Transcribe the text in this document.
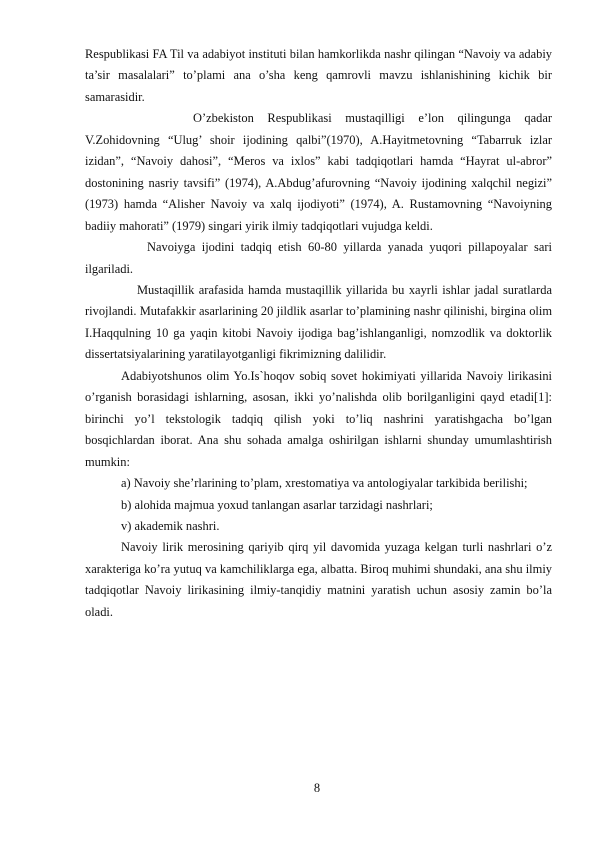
Respublikasi FA Til va adabiyot instituti bilan hamkorlikda nashr qilingan “Navoiy va adabiy ta’sir masalalari” to’plami ana o’sha keng qamrovli mavzu ishlanishining kichik bir samarasidir.

O’zbekiston Respublikasi mustaqilligi e’lon qilingunga qadar V.Zohidovning “Ulug’ shoir ijodining qalbi”(1970), A.Hayitmetovning “Tabarruk izlar izidan”, “Navoiy dahosi”, “Meros va ixlos” kabi tadqiqotlari hamda “Hayrat ul-abror” dostonining nasriy tavsifi” (1974), A.Abdug’afurovning “Navoiy ijodining xalqchil negizi” (1973) hamda “Alisher Navoiy va xalq ijodiyoti” (1974), A. Rustamovning “Navoiyning badiiy mahorati” (1979) singari yirik ilmiy tadqiqotlari vujudga keldi.

Navoiyga ijodini tadqiq etish 60-80 yillarda yanada yuqori pillapoyalar sari ilgariladi.

Mustaqillik arafasida hamda mustaqillik yillarida bu xayrli ishlar jadal suratlarda rivojlandi. Mutafakkir asarlarining 20 jildlik asarlar to’plamining nashr qilinishi, birgina olim I.Haqqulning 10 ga yaqin kitobi Navoiy ijodiga bag’ishlanganligi, nomzodlik va doktorlik dissertatsiyalarining yaratilayotganligi fikrimizning dalilidir.

Adabiyotshunos olim Yo.Is`hoqov sobiq sovet hokimiyati yillarida Navoiy lirikasini o’rganish borasidagi ishlarning, asosan, ikki yo’nalishda olib borilganligini qayd etadi[1]: birinchi yo’l tekstologik tadqiq qilish yoki to’liq nashrini yaratishgacha bo’lgan bosqichlardan iborat. Ana shu sohada amalga oshirilgan ishlarni shunday umumlashtirish mumkin:

a) Navoiy she’rlarining to’plam, xrestomatiya va antologiyalar tarkibida berilishi;

b) alohida majmua yoxud tanlangan asarlar tarzidagi nashrlari;

v) akademik nashri.

Navoiy lirik merosining qariyib qirq yil davomida yuzaga kelgan turli nashrlari o’z xarakteriga ko’ra yutuq va kamchiliklarga ega, albatta. Biroq muhimi shundaki, ana shu ilmiy tadqiqotlar Navoiy lirikasining ilmiy-tanqidiy matnini yaratish uchun asosiy zamin bo’la oladi.

8
